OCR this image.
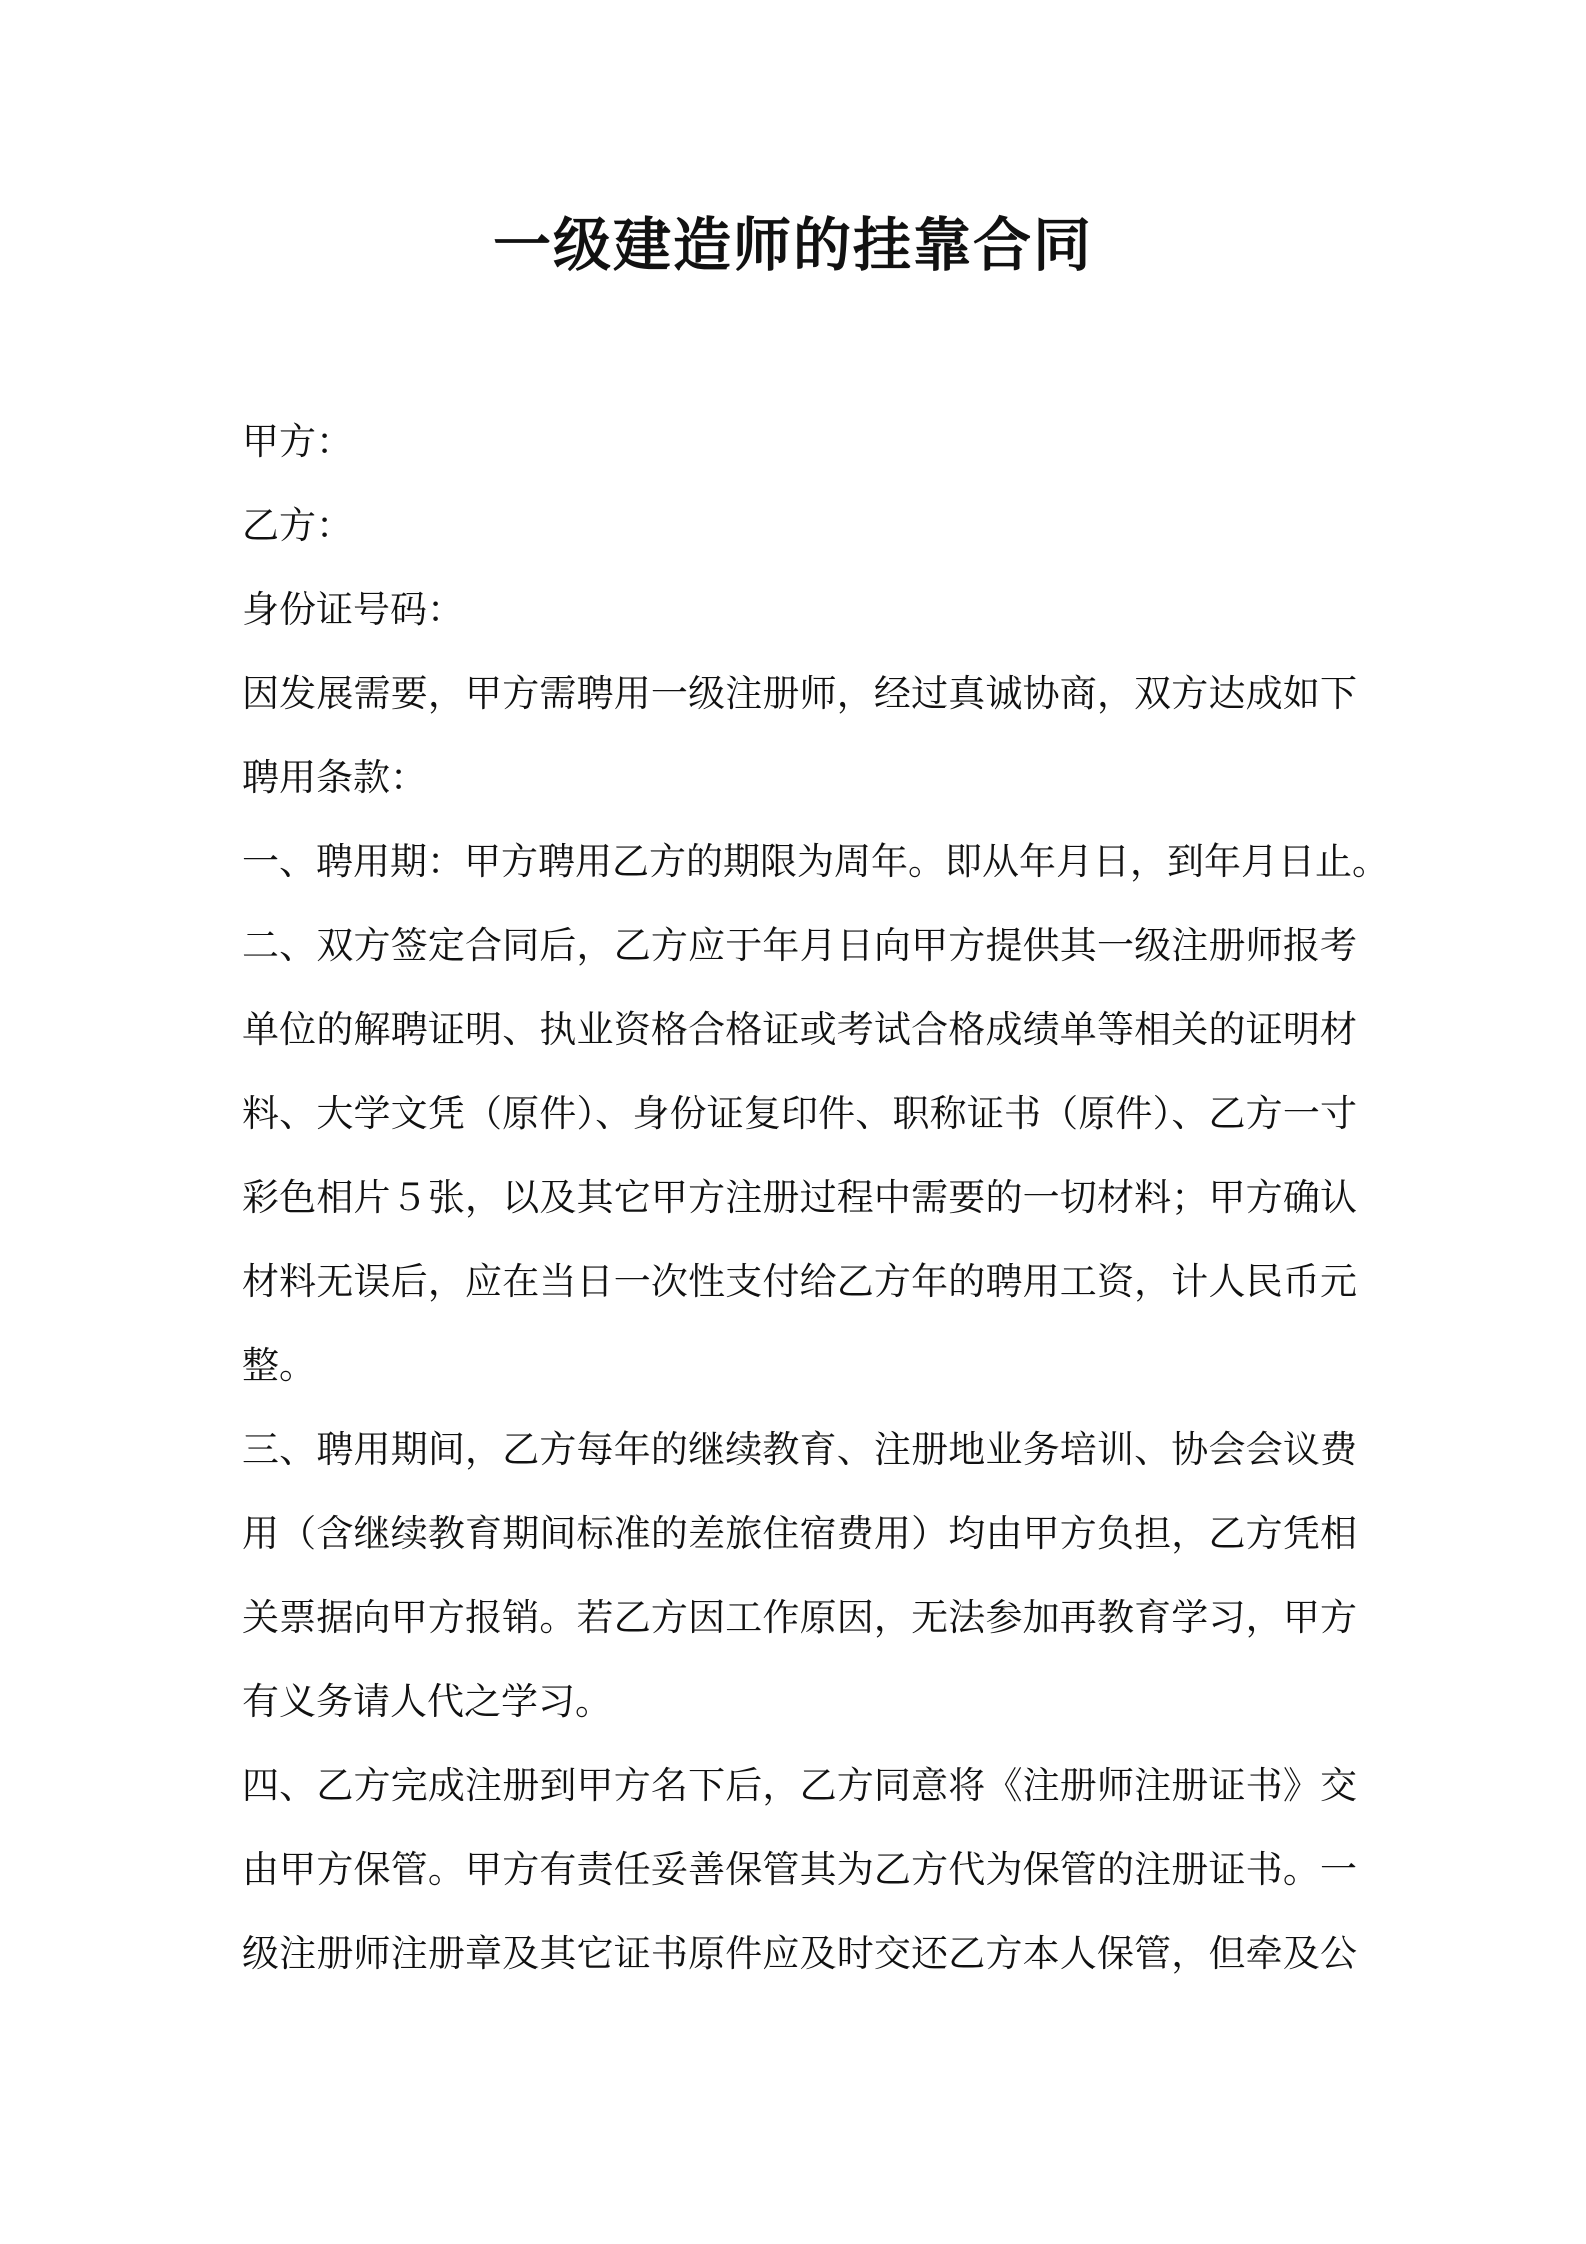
一级建造师的挂靠合同
甲方：
乙方：
身份证号码：
因发展需要，甲方需聘用一级注册师，经过真诚协商，双方达成如下
聘用条款：
一、聘用期：甲方聘用乙方的期限为周年。即从年月日，到年月日止。
二、双方签定合同后，乙方应于年月日向甲方提供其一级注册师报考
单位的解聘证明、执业资格合格证或考试合格成绩单等相关的证明材
料、大学文凭（原件）、身份证复印件、职称证书（原件）、乙方一寸
彩色相片５张，以及其它甲方注册过程中需要的一切材料；甲方确认
材料无误后，应在当日一次性支付给乙方年的聘用工资，计人民币元
整。
三、聘用期间，乙方每年的继续教育、注册地业务培训、协会会议费
用（含继续教育期间标准的差旅住宿费用）均由甲方负担，乙方凭相
关票据向甲方报销。若乙方因工作原因，无法参加再教育学习，甲方
有义务请人代之学习。
四、乙方完成注册到甲方名下后，乙方同意将《注册师注册证书》交
由甲方保管。甲方有责任妥善保管其为乙方代为保管的注册证书。一
级注册师注册章及其它证书原件应及时交还乙方本人保管，但牵及公
